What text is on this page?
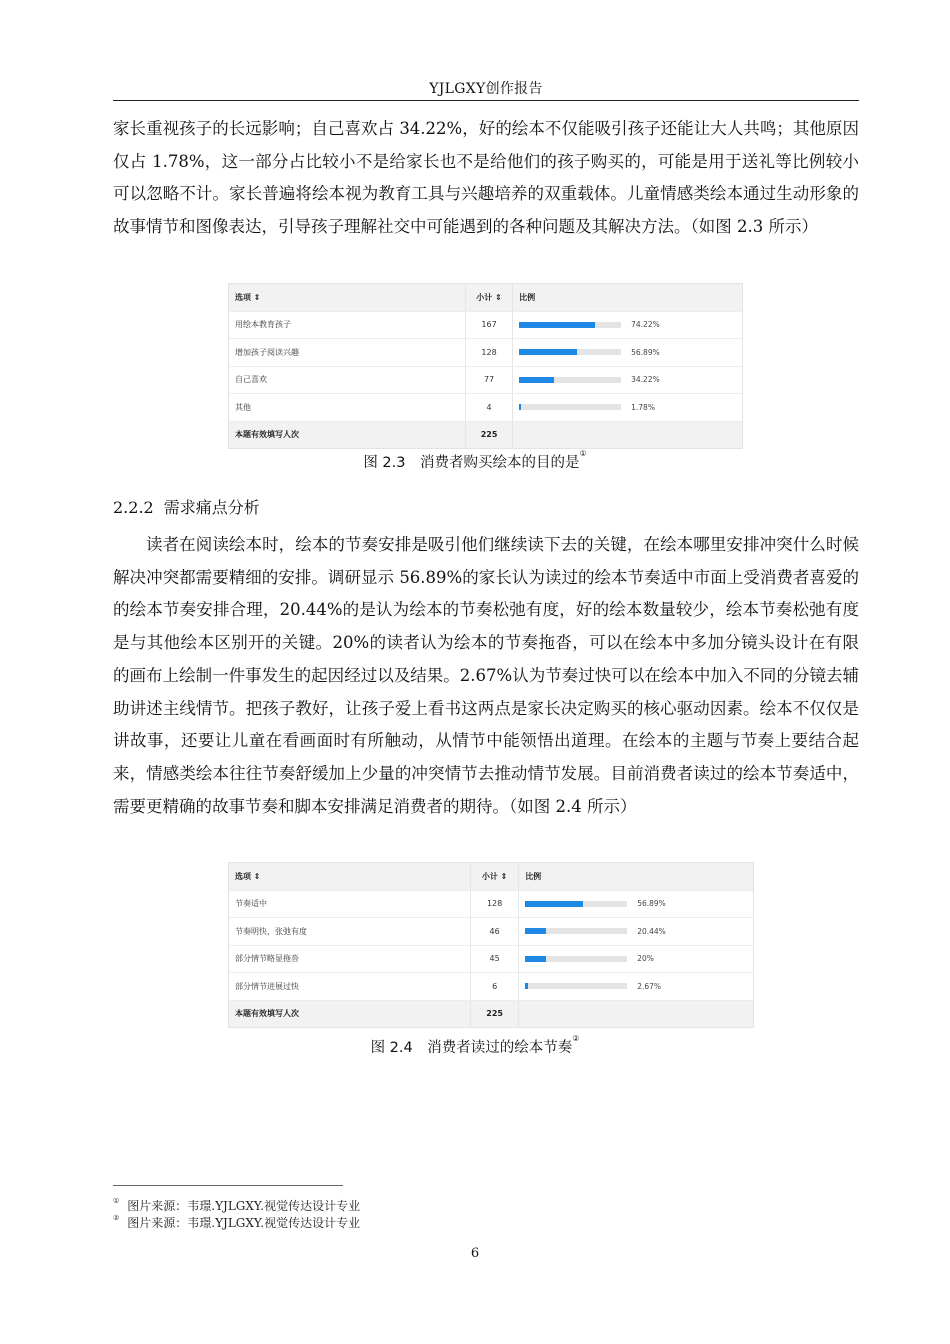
YJLGXY创作报告

家长重视孩子的长远影响；自己喜欢占 34.22%，好的绘本不仅能吸引孩子还能让大人共鸣；其他原因仅占 1.78%，这一部分占比较小不是给家长也不是给他们的孩子购买的，可能是用于送礼等比例较小可以忽略不计。家长普遍将绘本视为教育工具与兴趣培养的双重载体。儿童情感类绘本通过生动形象的故事情节和图像表达，引导孩子理解社交中可能遇到的各种问题及其解决方法。（如图 2.3 所示）

选项 ⇕	小计 ⇕	比例
用绘本教育孩子	167	74.22%
增加孩子阅读兴趣	128	56.89%
自己喜欢	77	34.22%
其他	4	1.78%
本题有效填写人次	225
图 2.3　消费者购买绘本的目的是①
2.2.2 需求痛点分析

读者在阅读绘本时，绘本的节奏安排是吸引他们继续读下去的关键，在绘本哪里安排冲突什么时候解决冲突都需要精细的安排。调研显示 56.89%的家长认为读过的绘本节奏适中市面上受消费者喜爱的的绘本节奏安排合理，20.44%的是认为绘本的节奏松弛有度，好的绘本数量较少，绘本节奏松弛有度是与其他绘本区别开的关键。20%的读者认为绘本的节奏拖沓，可以在绘本中多加分镜头设计在有限的画布上绘制一件事发生的起因经过以及结果。2.67%认为节奏过快可以在绘本中加入不同的分镜去辅助讲述主线情节。把孩子教好，让孩子爱上看书这两点是家长决定购买的核心驱动因素。绘本不仅仅是讲故事，还要让儿童在看画面时有所触动，从情节中能领悟出道理。在绘本的主题与节奏上要结合起来，情感类绘本往往节奏舒缓加上少量的冲突情节去推动情节发展。目前消费者读过的绘本节奏适中，需要更精确的故事节奏和脚本安排满足消费者的期待。（如图 2.4 所示）

选项 ⇕	小计 ⇕	比例
节奏适中	128	56.89%
节奏明快，张弛有度	46	20.44%
部分情节略显拖沓	45	20%
部分情节进展过快	6	2.67%
本题有效填写人次	225
图 2.4　消费者读过的绘本节奏②
① 图片来源：韦璟.YJLGXY.视觉传达设计专业
② 图片来源：韦璟.YJLGXY.视觉传达设计专业
6
